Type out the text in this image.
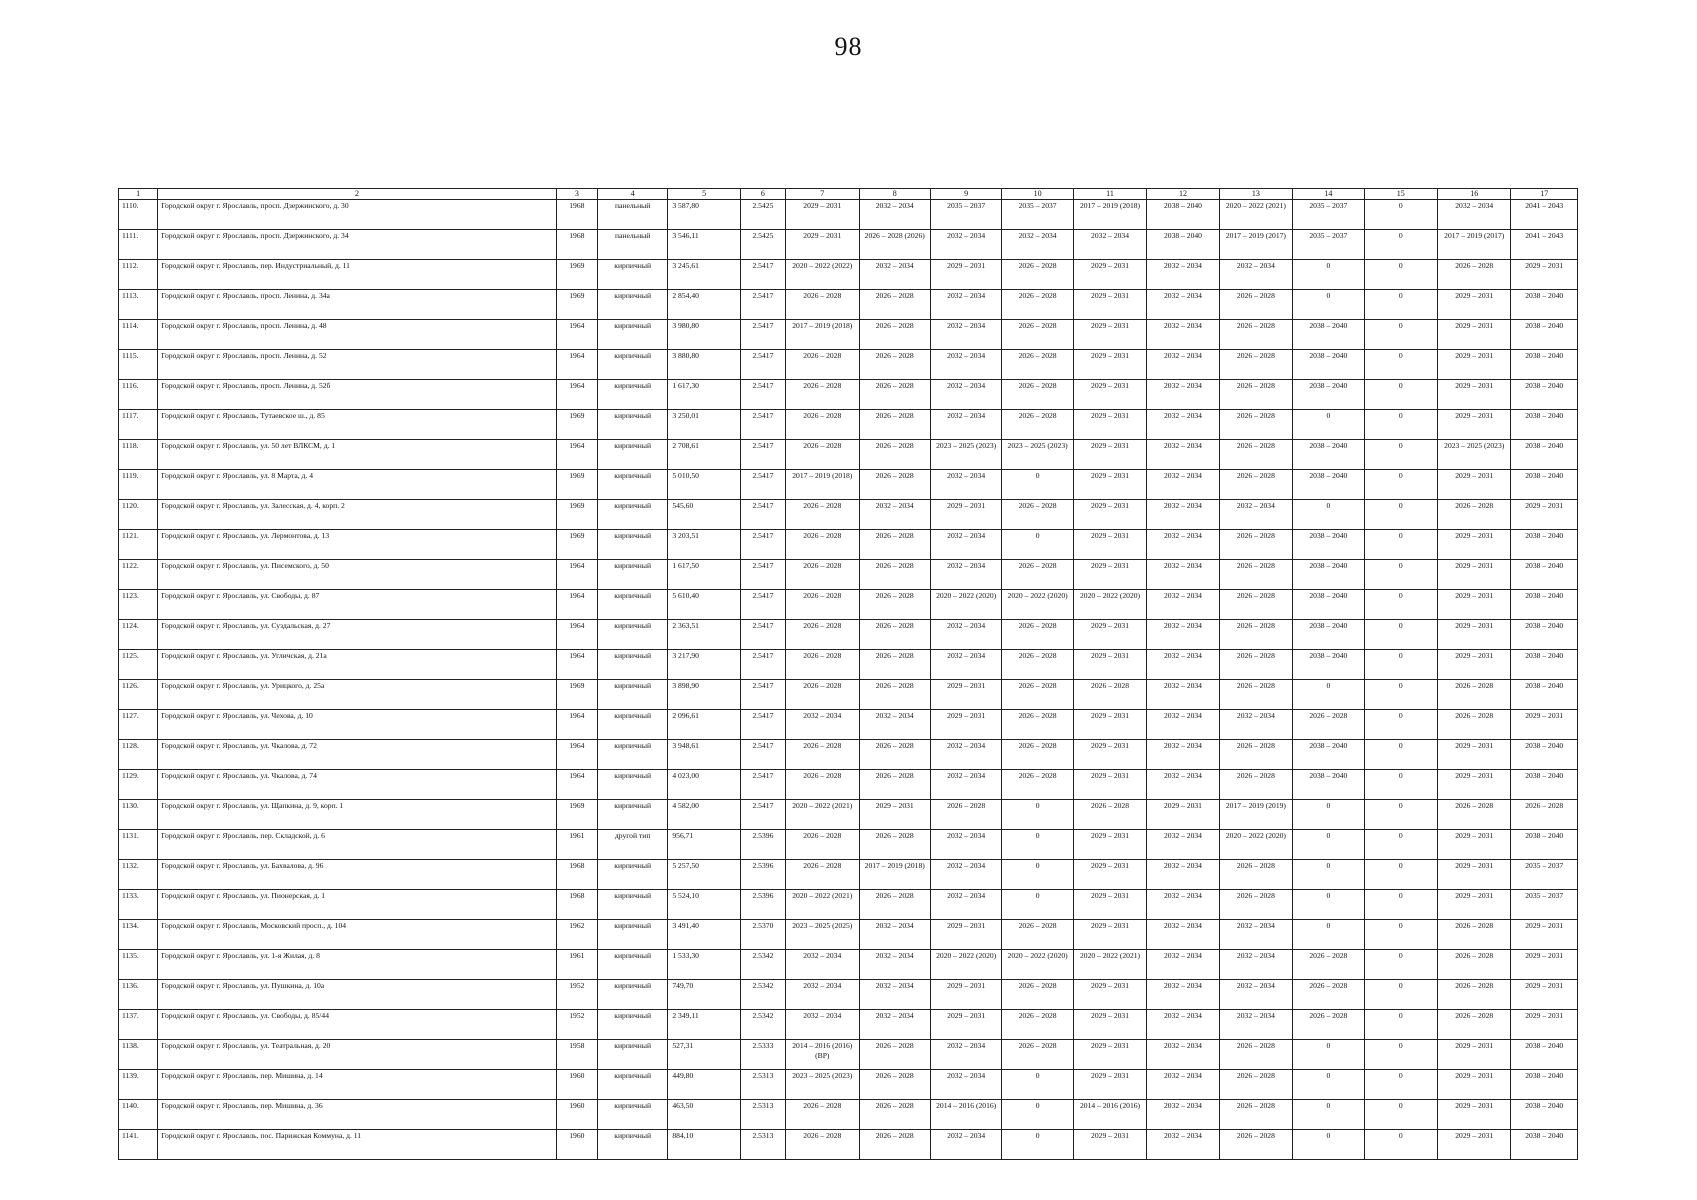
98
1	2	3	4	5	6	7	8	9	10	11	12	13	14	15	16	17
1110.	Городской округ г. Ярославль, просп. Дзержинского, д. 30	1968	панельный	3 587,80	2.5425	2029 – 2031	2032 – 2034	2035 – 2037	2035 – 2037	2017 – 2019 (2018)	2038 – 2040	2020 – 2022 (2021)	2035 – 2037	0	2032 – 2034	2041 – 2043
1111.	Городской округ г. Ярославль, просп. Дзержинского, д. 34	1968	панельный	3 546,11	2.5425	2029 – 2031	2026 – 2028 (2026)	2032 – 2034	2032 – 2034	2032 – 2034	2038 – 2040	2017 – 2019 (2017)	2035 – 2037	0	2017 – 2019 (2017)	2041 – 2043
1112.	Городской округ г. Ярославль, пер. Индустриальный, д. 11	1969	кирпичный	3 245,61	2.5417	2020 – 2022 (2022)	2032 – 2034	2029 – 2031	2026 – 2028	2029 – 2031	2032 – 2034	2032 – 2034	0	0	2026 – 2028	2029 – 2031
1113.	Городской округ г. Ярославль, просп. Ленина, д. 34а	1969	кирпичный	2 854,40	2.5417	2026 – 2028	2026 – 2028	2032 – 2034	2026 – 2028	2029 – 2031	2032 – 2034	2026 – 2028	0	0	2029 – 2031	2038 – 2040
1114.	Городской округ г. Ярославль, просп. Ленина, д. 48	1964	кирпичный	3 980,80	2.5417	2017 – 2019 (2018)	2026 – 2028	2032 – 2034	2026 – 2028	2029 – 2031	2032 – 2034	2026 – 2028	2038 – 2040	0	2029 – 2031	2038 – 2040
1115.	Городской округ г. Ярославль, просп. Ленина, д. 52	1964	кирпичный	3 880,80	2.5417	2026 – 2028	2026 – 2028	2032 – 2034	2026 – 2028	2029 – 2031	2032 – 2034	2026 – 2028	2038 – 2040	0	2029 – 2031	2038 – 2040
1116.	Городской округ г. Ярославль, просп. Ленина, д. 52б	1964	кирпичный	1 617,30	2.5417	2026 – 2028	2026 – 2028	2032 – 2034	2026 – 2028	2029 – 2031	2032 – 2034	2026 – 2028	2038 – 2040	0	2029 – 2031	2038 – 2040
1117.	Городской округ г. Ярославль, Тутаевское ш., д. 85	1969	кирпичный	3 250,01	2.5417	2026 – 2028	2026 – 2028	2032 – 2034	2026 – 2028	2029 – 2031	2032 – 2034	2026 – 2028	0	0	2029 – 2031	2038 – 2040
1118.	Городской округ г. Ярославль, ул. 50 лет ВЛКСМ, д. 1	1964	кирпичный	2 708,61	2.5417	2026 – 2028	2026 – 2028	2023 – 2025 (2023)	2023 – 2025 (2023)	2029 – 2031	2032 – 2034	2026 – 2028	2038 – 2040	0	2023 – 2025 (2023)	2038 – 2040
1119.	Городской округ г. Ярославль, ул. 8 Марта, д. 4	1969	кирпичный	5 010,50	2.5417	2017 – 2019 (2018)	2026 – 2028	2032 – 2034	0	2029 – 2031	2032 – 2034	2026 – 2028	2038 – 2040	0	2029 – 2031	2038 – 2040
1120.	Городской округ г. Ярославль, ул. Залесская, д. 4, корп. 2	1969	кирпичный	545,60	2.5417	2026 – 2028	2032 – 2034	2029 – 2031	2026 – 2028	2029 – 2031	2032 – 2034	2032 – 2034	0	0	2026 – 2028	2029 – 2031
1121.	Городской округ г. Ярославль, ул. Лермонтова, д. 13	1969	кирпичный	3 203,51	2.5417	2026 – 2028	2026 – 2028	2032 – 2034	0	2029 – 2031	2032 – 2034	2026 – 2028	2038 – 2040	0	2029 – 2031	2038 – 2040
1122.	Городской округ г. Ярославль, ул. Писемского, д. 50	1964	кирпичный	1 617,50	2.5417	2026 – 2028	2026 – 2028	2032 – 2034	2026 – 2028	2029 – 2031	2032 – 2034	2026 – 2028	2038 – 2040	0	2029 – 2031	2038 – 2040
1123.	Городской округ г. Ярославль, ул. Свободы, д. 87	1964	кирпичный	5 610,40	2.5417	2026 – 2028	2026 – 2028	2020 – 2022 (2020)	2020 – 2022 (2020)	2020 – 2022 (2020)	2032 – 2034	2026 – 2028	2038 – 2040	0	2029 – 2031	2038 – 2040
1124.	Городской округ г. Ярославль, ул. Суздальская, д. 27	1964	кирпичный	2 363,51	2.5417	2026 – 2028	2026 – 2028	2032 – 2034	2026 – 2028	2029 – 2031	2032 – 2034	2026 – 2028	2038 – 2040	0	2029 – 2031	2038 – 2040
1125.	Городской округ г. Ярославль, ул. Угличская, д. 21а	1964	кирпичный	3 217,90	2.5417	2026 – 2028	2026 – 2028	2032 – 2034	2026 – 2028	2029 – 2031	2032 – 2034	2026 – 2028	2038 – 2040	0	2029 – 2031	2038 – 2040
1126.	Городской округ г. Ярославль, ул. Урицкого, д. 25а	1969	кирпичный	3 898,90	2.5417	2026 – 2028	2026 – 2028	2029 – 2031	2026 – 2028	2026 – 2028	2032 – 2034	2026 – 2028	0	0	2026 – 2028	2038 – 2040
1127.	Городской округ г. Ярославль, ул. Чехова, д. 10	1964	кирпичный	2 096,61	2.5417	2032 – 2034	2032 – 2034	2029 – 2031	2026 – 2028	2029 – 2031	2032 – 2034	2032 – 2034	2026 – 2028	0	2026 – 2028	2029 – 2031
1128.	Городской округ г. Ярославль, ул. Чкалова, д. 72	1964	кирпичный	3 948,61	2.5417	2026 – 2028	2026 – 2028	2032 – 2034	2026 – 2028	2029 – 2031	2032 – 2034	2026 – 2028	2038 – 2040	0	2029 – 2031	2038 – 2040
1129.	Городской округ г. Ярославль, ул. Чкалова, д. 74	1964	кирпичный	4 023,00	2.5417	2026 – 2028	2026 – 2028	2032 – 2034	2026 – 2028	2029 – 2031	2032 – 2034	2026 – 2028	2038 – 2040	0	2029 – 2031	2038 – 2040
1130.	Городской округ г. Ярославль, ул. Щапкина, д. 9, корп. 1	1969	кирпичный	4 582,00	2.5417	2020 – 2022 (2021)	2029 – 2031	2026 – 2028	0	2026 – 2028	2029 – 2031	2017 – 2019 (2019)	0	0	2026 – 2028	2026 – 2028
1131.	Городской округ г. Ярославль, пер. Складской, д. 6	1961	другой тип	956,71	2.5396	2026 – 2028	2026 – 2028	2032 – 2034	0	2029 – 2031	2032 – 2034	2020 – 2022 (2020)	0	0	2029 – 2031	2038 – 2040
1132.	Городской округ г. Ярославль, ул. Бахвалова, д. 96	1968	кирпичный	5 257,50	2.5396	2026 – 2028	2017 – 2019 (2018)	2032 – 2034	0	2029 – 2031	2032 – 2034	2026 – 2028	0	0	2029 – 2031	2035 – 2037
1133.	Городской округ г. Ярославль, ул. Пионерская, д. 1	1968	кирпичный	5 524,10	2.5396	2020 – 2022 (2021)	2026 – 2028	2032 – 2034	0	2029 – 2031	2032 – 2034	2026 – 2028	0	0	2029 – 2031	2035 – 2037
1134.	Городской округ г. Ярославль, Московский просп., д. 104	1962	кирпичный	3 491,40	2.5370	2023 – 2025 (2025)	2032 – 2034	2029 – 2031	2026 – 2028	2029 – 2031	2032 – 2034	2032 – 2034	0	0	2026 – 2028	2029 – 2031
1135.	Городской округ г. Ярославль, ул. 1-я Жилая, д. 8	1961	кирпичный	1 533,30	2.5342	2032 – 2034	2032 – 2034	2020 – 2022 (2020)	2020 – 2022 (2020)	2020 – 2022 (2021)	2032 – 2034	2032 – 2034	2026 – 2028	0	2026 – 2028	2029 – 2031
1136.	Городской округ г. Ярославль, ул. Пушкина, д. 10а	1952	кирпичный	749,70	2.5342	2032 – 2034	2032 – 2034	2029 – 2031	2026 – 2028	2029 – 2031	2032 – 2034	2032 – 2034	2026 – 2028	0	2026 – 2028	2029 – 2031
1137.	Городской округ г. Ярославль, ул. Свободы, д. 85/44	1952	кирпичный	2 349,11	2.5342	2032 – 2034	2032 – 2034	2029 – 2031	2026 – 2028	2029 – 2031	2032 – 2034	2032 – 2034	2026 – 2028	0	2026 – 2028	2029 – 2031
1138.	Городской округ г. Ярославль, ул. Театральная, д. 20	1958	кирпичный	527,31	2.5333	2014 – 2016 (2016) (ВР)	2026 – 2028	2032 – 2034	2026 – 2028	2029 – 2031	2032 – 2034	2026 – 2028	0	0	2029 – 2031	2038 – 2040
1139.	Городской округ г. Ярославль, пер. Мишина, д. 14	1960	кирпичный	449,80	2.5313	2023 – 2025 (2023)	2026 – 2028	2032 – 2034	0	2029 – 2031	2032 – 2034	2026 – 2028	0	0	2029 – 2031	2038 – 2040
1140.	Городской округ г. Ярославль, пер. Мишина, д. 36	1960	кирпичный	463,50	2.5313	2026 – 2028	2026 – 2028	2014 – 2016 (2016)	0	2014 – 2016 (2016)	2032 – 2034	2026 – 2028	0	0	2029 – 2031	2038 – 2040
1141.	Городской округ г. Ярославль, пос. Парижская Коммуна, д. 11	1960	кирпичный	884,10	2.5313	2026 – 2028	2026 – 2028	2032 – 2034	0	2029 – 2031	2032 – 2034	2026 – 2028	0	0	2029 – 2031	2038 – 2040
